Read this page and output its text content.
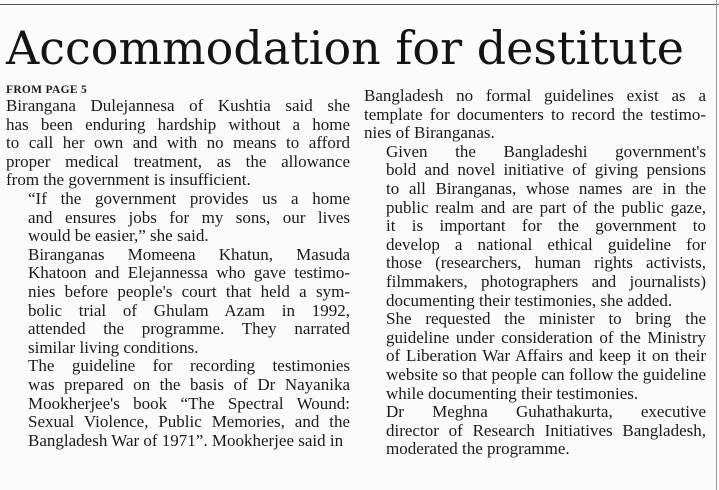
Accommodation for destitute
FROM PAGE 5

Birangana Dulejannesa of Kushtia said she
has been enduring hardship without a home
to call her own and with no means to afford
proper medical treatment, as the allowance
from the government is insufficient.

“If the government provides us a home
and ensures jobs for my sons, our lives
would be easier,” she said.

Biranganas Momeena Khatun, Masuda
Khatoon and Elejannessa who gave testimo-
nies before people's court that held a sym-
bolic trial of Ghulam Azam in 1992,
attended the programme. They narrated
similar living conditions.

The guideline for recording testimonies
was prepared on the basis of Dr Nayanika
Mookherjee's book “The Spectral Wound:
Sexual Violence, Public Memories, and the
Bangladesh War of 1971”. Mookherjee said in

Bangladesh no formal guidelines exist as a
template for documenters to record the testimo-
nies of Biranganas.

Given the Bangladeshi government's
bold and novel initiative of giving pensions
to all Biranganas, whose names are in the
public realm and are part of the public gaze,
it is important for the government to
develop a national ethical guideline for
those (researchers, human rights activists,
filmmakers, photographers and journalists)
documenting their testimonies, she added.

She requested the minister to bring the
guideline under consideration of the Ministry
of Liberation War Affairs and keep it on their
website so that people can follow the guideline
while documenting their testimonies.

Dr Meghna Guhathakurta, executive
director of Research Initiatives Bangladesh,
moderated the programme.
